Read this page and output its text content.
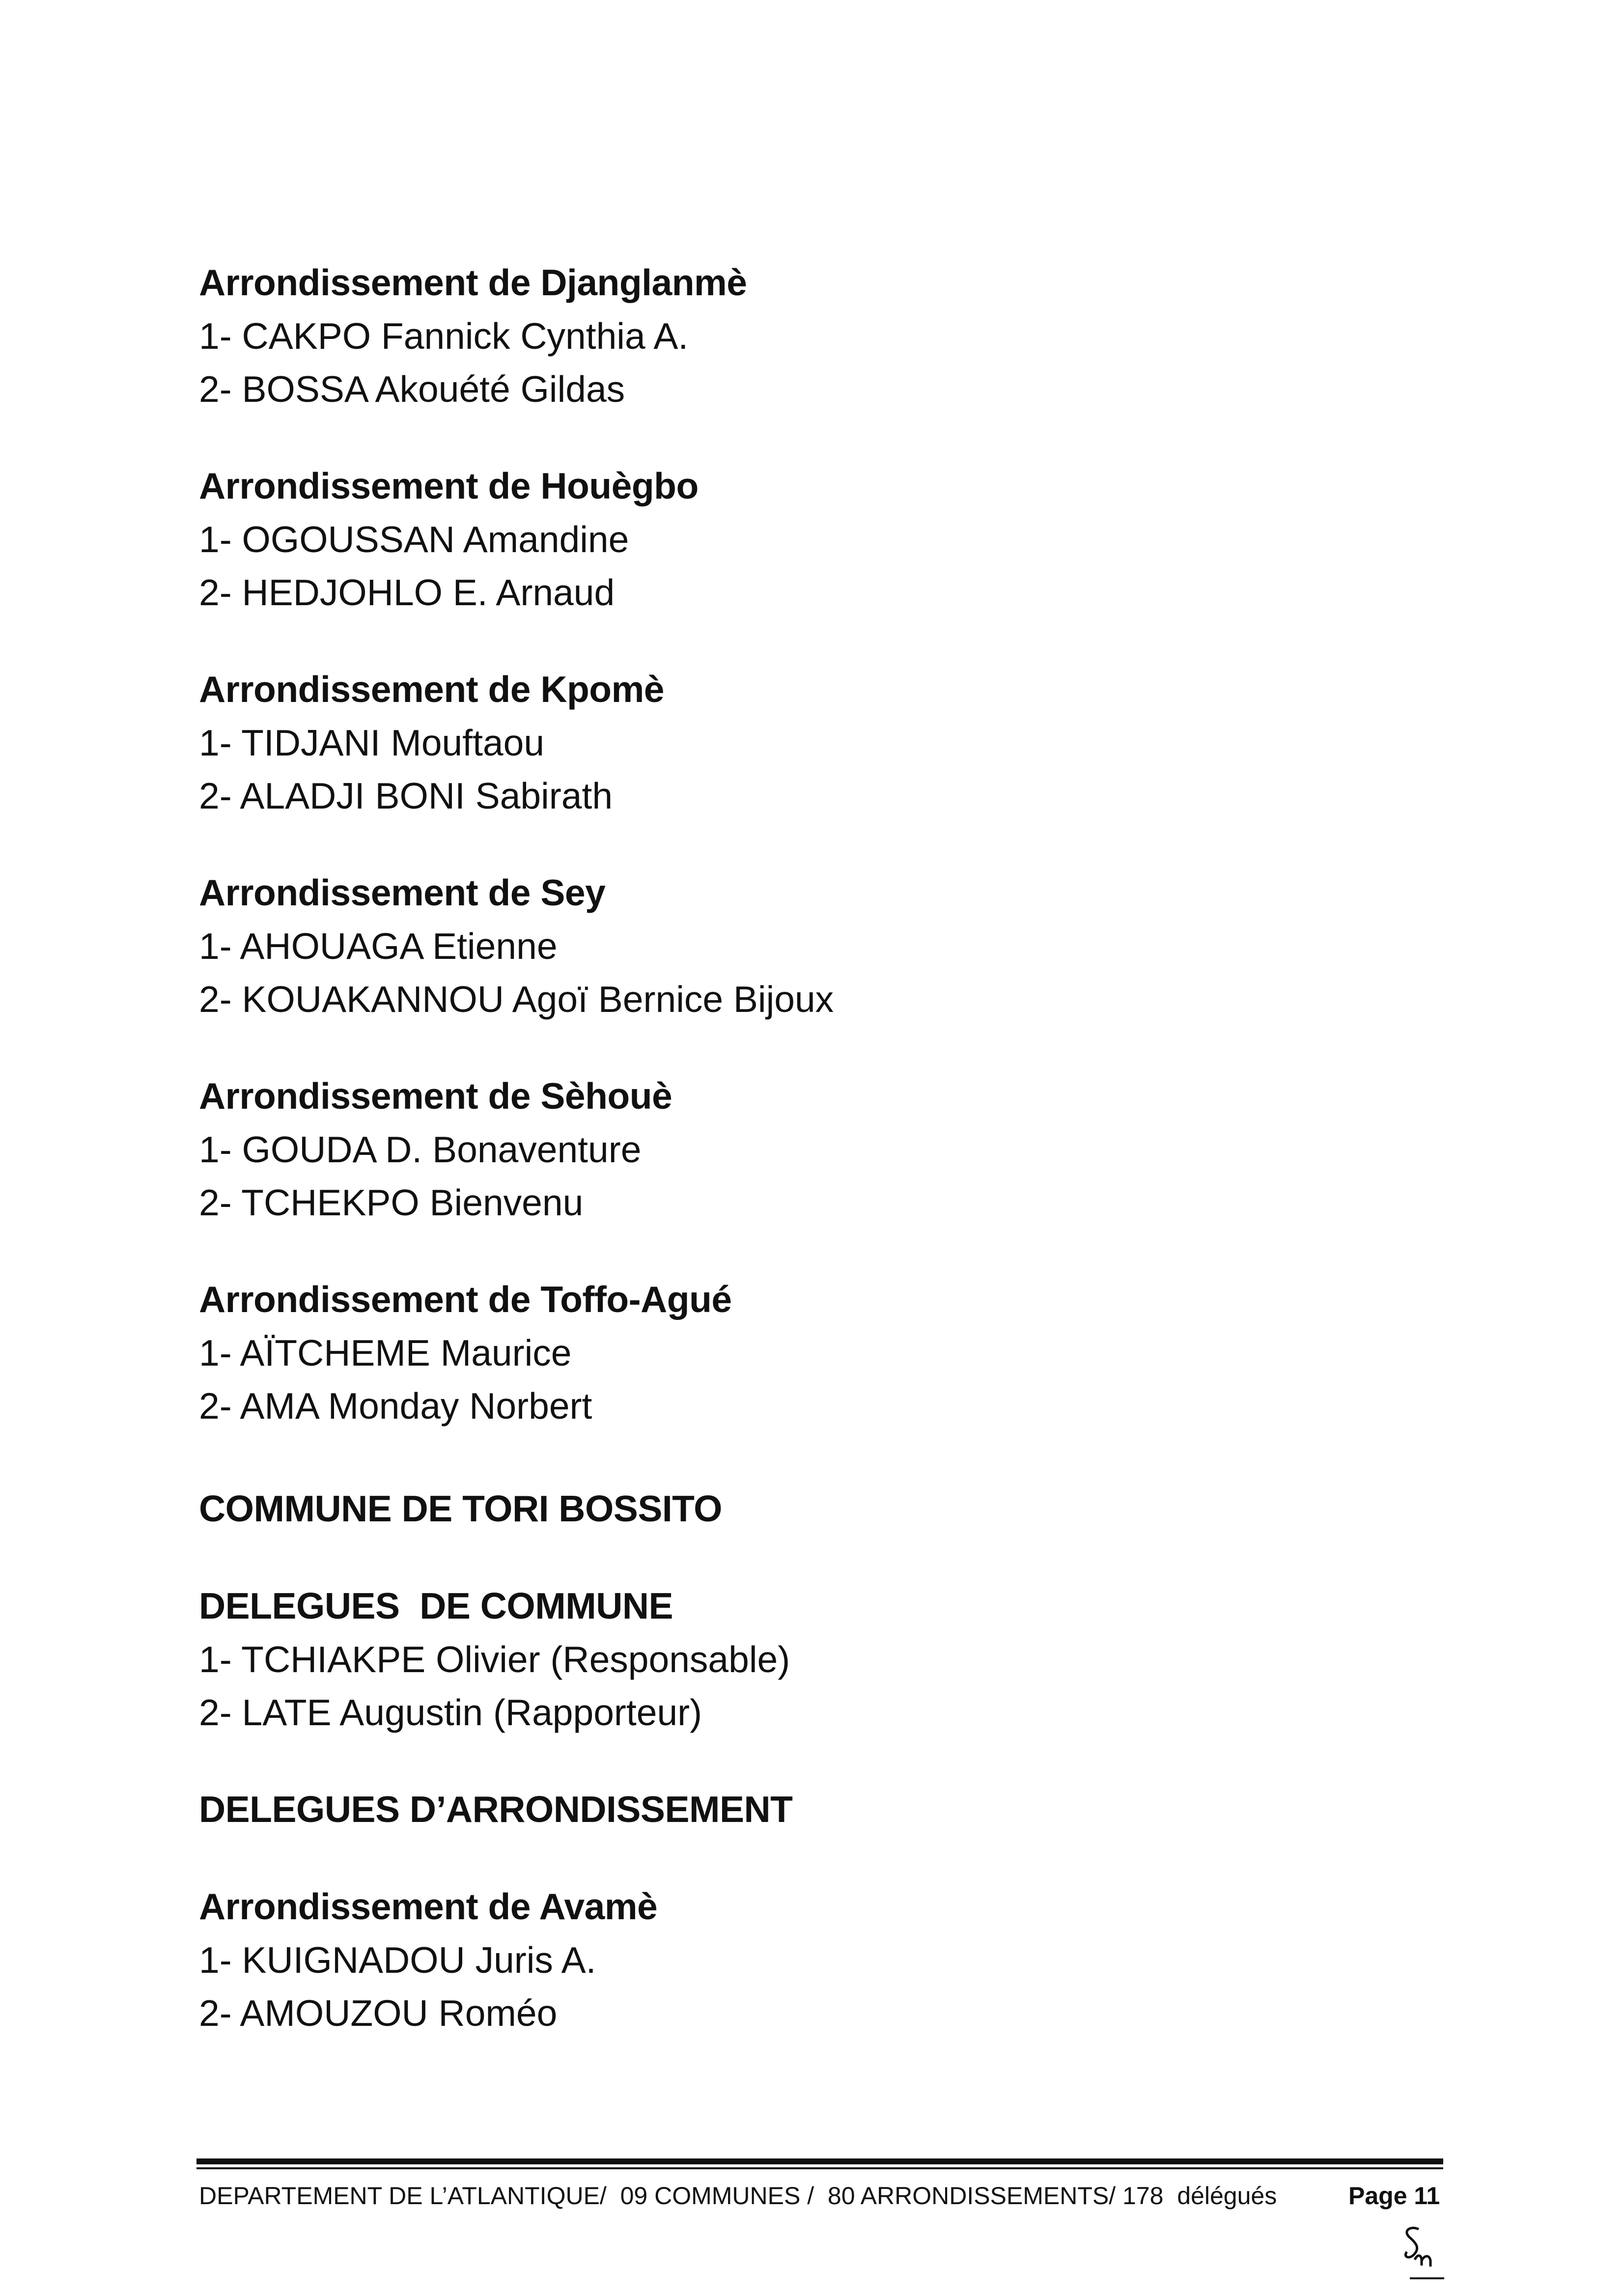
Arrondissement de Djanglanmè
1- CAKPO Fannick Cynthia A.
2- BOSSA Akouété Gildas
Arrondissement de Houègbo
1- OGOUSSAN Amandine
2- HEDJOHLO E. Arnaud
Arrondissement de Kpomè
1- TIDJANI Mouftaou
2- ALADJI BONI Sabirath
Arrondissement de Sey
1- AHOUAGA Etienne
2- KOUAKANNOU Agoï Bernice Bijoux
Arrondissement de Sèhouè
1- GOUDA D. Bonaventure
2- TCHEKPO Bienvenu
Arrondissement de Toffo-Agué
1- AÏTCHEME Maurice
2- AMA Monday Norbert
COMMUNE DE TORI BOSSITO
DELEGUES  DE COMMUNE
1- TCHIAKPE Olivier (Responsable)
2- LATE Augustin (Rapporteur)
DELEGUES D’ARRONDISSEMENT
Arrondissement de Avamè
1- KUIGNADOU Juris A.
2- AMOUZOU Roméo
DEPARTEMENT DE L’ATLANTIQUE/  09 COMMUNES /  80 ARRONDISSEMENTS/ 178  délégués	Page 11
